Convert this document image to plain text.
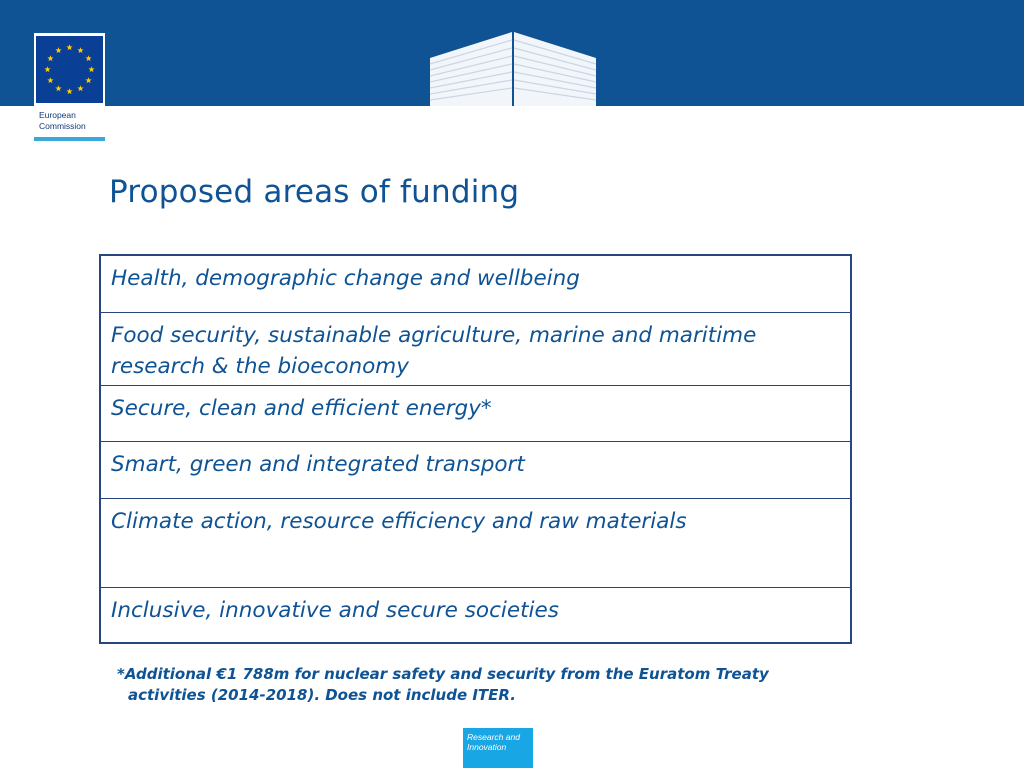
European
Commission
Proposed areas of funding
Health, demographic change and wellbeing
Food security, sustainable agriculture, marine and maritime research & the bioeconomy
Secure, clean and efficient energy*
Smart, green and integrated transport
Climate action, resource efficiency and raw materials
Inclusive, innovative and secure societies
*Additional €1 788m for nuclear safety and security from the Euratom Treaty
activities (2014-2018). Does not include ITER.
Research and
Innovation
